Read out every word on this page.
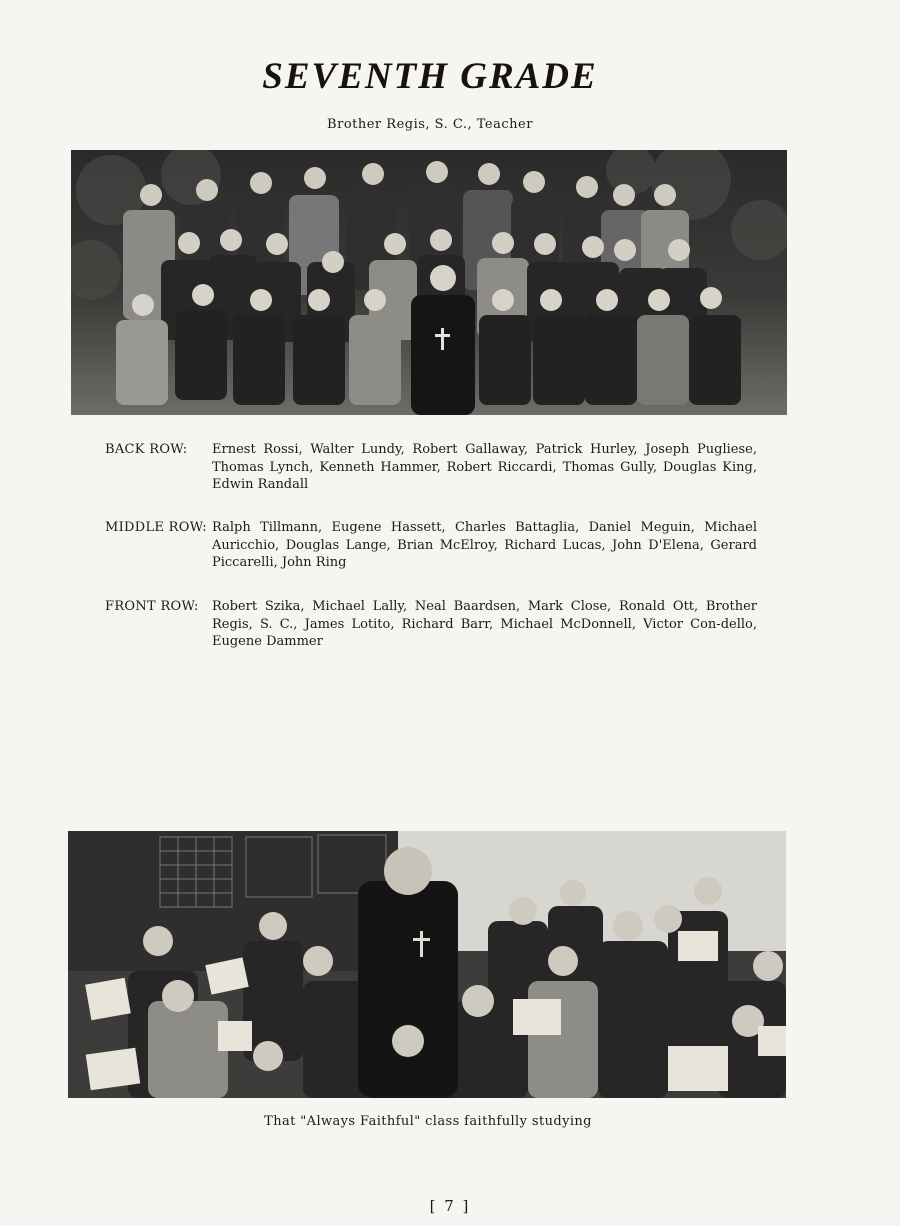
SEVENTH GRADE
Brother Regis, S. C., Teacher
BACK ROW:	Ernest Rossi, Walter Lundy, Robert Gallaway, Patrick Hurley, Joseph Pugliese, Thomas Lynch, Kenneth Hammer, Robert Riccardi, Thomas Gully, Douglas King, Edwin Randall
MIDDLE ROW: Ralph Tillmann, Eugene Hassett, Charles Battaglia, Daniel Meguin, Michael Auricchio, Douglas Lange, Brian McElroy, Richard Lucas, John D'Elena, Gerard Piccarelli, John Ring
FRONT ROW:	Robert Szika, Michael Lally, Neal Baardsen, Mark Close, Ronald Ott, Brother Regis, S. C., James Lotito, Richard Barr, Michael McDonnell, Victor Con-dello, Eugene Dammer
That "Always Faithful" class faithfully studying
[ 7 ]
